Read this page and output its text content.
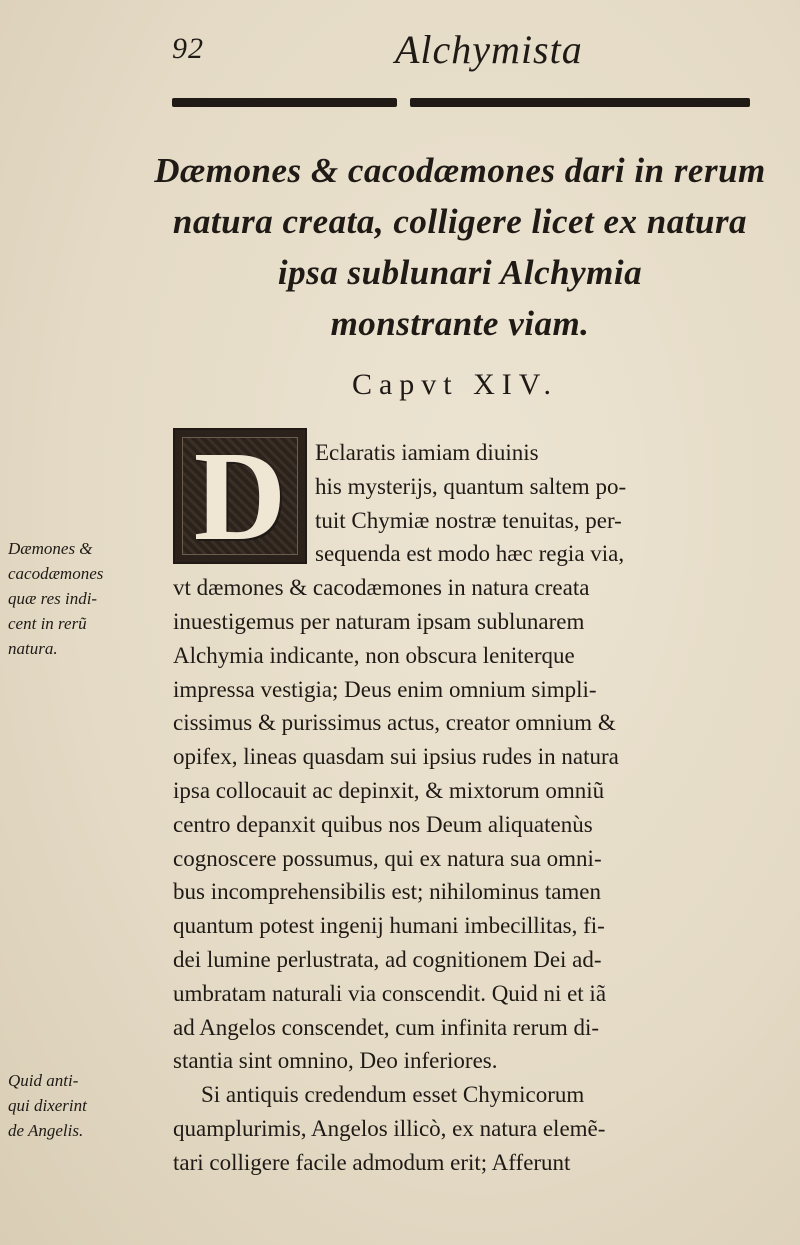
92	Alchymista
Dæmones & cacodæmones dari in rerum
natura creata, colligere licet ex natura
ipsa sublunari Alchymia
monstrante viam.
Capvt XIV.
D	Eclaratis iamiam diuinis
his mysterijs, quantum saltem po-
tuit Chymiæ nostræ tenuitas, per-
sequenda est modo hæc regia via,
vt dæmones & cacodæmones in natura creata
inuestigemus per naturam ipsam sublunarem
Alchymia indicante, non obscura leniterque
impressa vestigia; Deus enim omnium simpli-
cissimus & purissimus actus, creator omnium &
opifex, lineas quasdam sui ipsius rudes in natura
ipsa collocauit ac depinxit, & mixtorum omniũ
centro depanxit quibus nos Deum aliquatenùs
cognoscere possumus, qui ex natura sua omni-
bus incomprehensibilis est; nihilominus tamen
quantum potest ingenij humani imbecillitas, fi-
dei lumine perlustrata, ad cognitionem Dei ad-
umbratam naturali via conscendit. Quid ni et iã
ad Angelos conscendet, cum infinita rerum di-
stantia sint omnino, Deo inferiores.
Si antiquis credendum esset Chymicorum
quamplurimis, Angelos illicò, ex natura elemẽ-
tari colligere facile admodum erit; Afferunt
Dæmones &
cacodæmones
quæ res indi-
cent in rerũ
natura.
Quid anti-
qui dixerint
de Angelis.
